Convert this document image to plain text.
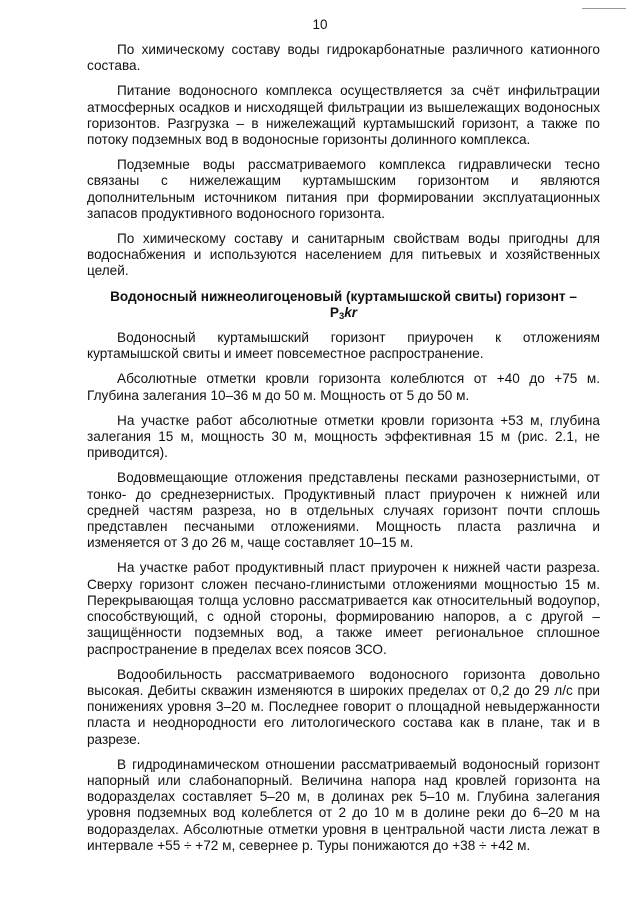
10

По химическому составу воды гидрокарбонатные различного катионного состава.

Питание водоносного комплекса осуществляется за счёт инфильтрации атмосферных осадков и нисходящей фильтрации из вышележащих водоносных горизонтов. Разгрузка – в нижележащий куртамышский горизонт, а также по потоку подземных вод в водоносные горизонты долинного комплекса.

Подземные воды рассматриваемого комплекса гидравлически тесно связаны с нижележащим куртамышским горизонтом и являются дополнительным источником питания при формировании эксплуатационных запасов продуктивного водоносного горизонта.

По химическому составу и санитарным свойствам воды пригодны для водоснабжения и используются населением для питьевых и хозяйственных целей.

Водоносный нижнеолигоценовый (куртамышской свиты) горизонт –
$P_3kr$

Водоносный куртамышский горизонт приурочен к отложениям куртамышской свиты и имеет повсеместное распространение.

Абсолютные отметки кровли горизонта колеблются от +40 до +75 м. Глубина залегания 10–36 м до 50 м. Мощность от 5 до 50 м.

На участке работ абсолютные отметки кровли горизонта +53 м, глубина залегания 15 м, мощность 30 м, мощность эффективная 15 м (рис. 2.1, не приводится).

Водовмещающие отложения представлены песками разнозернистыми, от тонко- до среднезернистых. Продуктивный пласт приурочен к нижней или средней частям разреза, но в отдельных случаях горизонт почти сплошь представлен песчаными отложениями. Мощность пласта различна и изменяется от 3 до 26 м, чаще составляет 10–15 м.

На участке работ продуктивный пласт приурочен к нижней части разреза. Сверху горизонт сложен песчано-глинистыми отложениями мощностью 15 м. Перекрывающая толща условно рассматривается как относительный водоупор, способствующий, с одной стороны, формированию напоров, а с другой – защищённости подземных вод, а также имеет региональное сплошное распространение в пределах всех поясов ЗСО.

Водообильность рассматриваемого водоносного горизонта довольно высокая. Дебиты скважин изменяются в широких пределах от 0,2 до 29 л/с при понижениях уровня 3–20 м. Последнее говорит о площадной невыдержанности пласта и неоднородности его литологического состава как в плане, так и в разрезе.

В гидродинамическом отношении рассматриваемый водоносный горизонт напорный или слабонапорный. Величина напора над кровлей горизонта на водоразделах составляет 5–20 м, в долинах рек 5–10 м. Глубина залегания уровня подземных вод колеблется от 2 до 10 м в долине реки до 6–20 м на водоразделах. Абсолютные отметки уровня в центральной части листа лежат в интервале +55 ÷ +72 м, севернее р. Туры понижаются до +38 ÷ +42 м.
